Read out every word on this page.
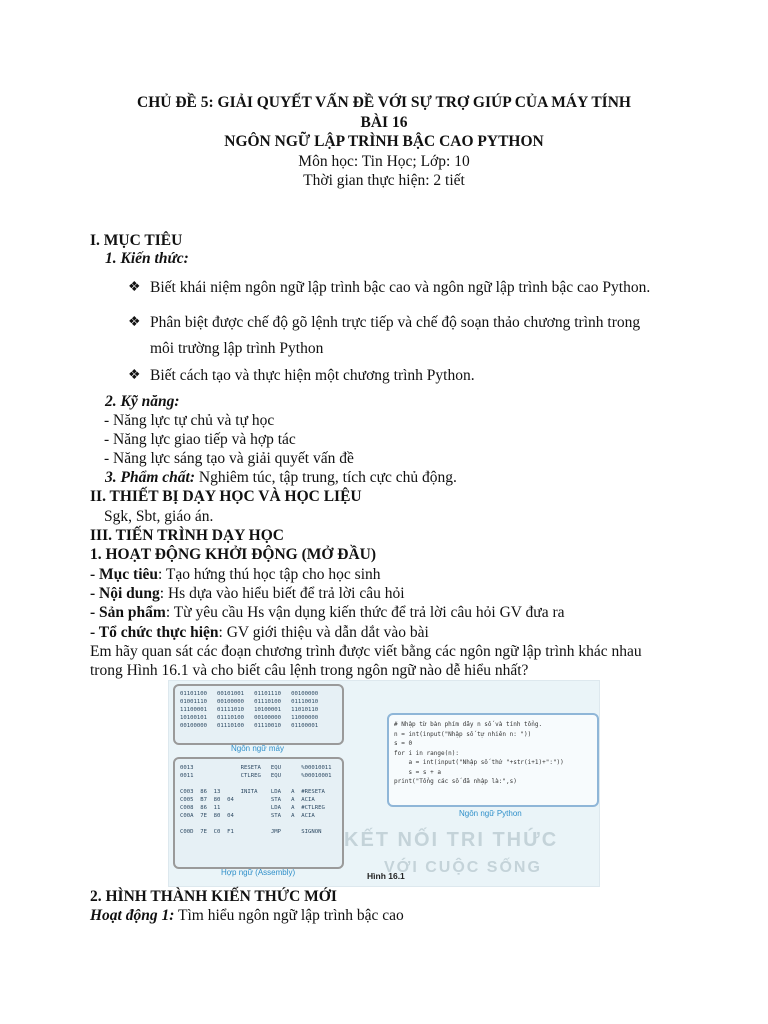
CHỦ ĐỀ 5: GIẢI QUYẾT VẤN ĐỀ VỚI SỰ TRỢ GIÚP CỦA MÁY TÍNH
BÀI 16
NGÔN NGỮ LẬP TRÌNH BẬC CAO PYTHON
Môn học: Tin Học; Lớp: 10
Thời gian thực hiện: 2 tiết
I. MỤC TIÊU
1. Kiến thức:
❖ Biết khái niệm ngôn ngữ lập trình bậc cao và ngôn ngữ lập trình bậc cao Python.
❖ Phân biệt được chế độ gõ lệnh trực tiếp và chế độ soạn thảo chương trình trong
môi trường lập trình Python
❖ Biết cách tạo và thực hiện một chương trình Python.
2. Kỹ năng:
- Năng lực tự chủ và tự học
- Năng lực giao tiếp và hợp tác
- Năng lực sáng tạo và giải quyết vấn đề
3. Phẩm chất: Nghiêm túc, tập trung, tích cực chủ động.
II. THIẾT BỊ DẠY HỌC VÀ HỌC LIỆU
Sgk, Sbt, giáo án.
III. TIẾN TRÌNH DẠY HỌC
1. HOẠT ĐỘNG KHỞI ĐỘNG (MỞ ĐẦU)
- Mục tiêu: Tạo hứng thú học tập cho học sinh
- Nội dung: Hs dựa vào hiểu biết để trả lời câu hỏi
- Sản phẩm: Từ yêu cầu Hs vận dụng kiến thức để trả lời câu hỏi GV đưa ra
- Tổ chức thực hiện: GV giới thiệu và dẫn dắt vào bài
Em hãy quan sát các đoạn chương trình được viết bằng các ngôn ngữ lập trình khác nhau
trong Hình 16.1 và cho biết câu lệnh trong ngôn ngữ nào dễ hiểu nhất?
KẾT NỐI TRI THỨC
VỚI CUỘC SỐNG
01101100   00101001   01101110   00100000
01001110   00100000   01110100   01110010
11100001   01111010   10100001   11010110
10100101   01110100   00100000   11000000
00100000   01110100   01110010   01100001
Ngôn ngữ máy
0013              RESETA   EQU      %00010011
0011              CTLREG   EQU      %00010001

C003  86  13      INITA    LDA   A  #RESETA
C005  B7  80  04           STA   A  ACIA
C008  86  11               LDA   A  #CTLREG
C00A  7E  80  04           STA   A  ACIA

C00D  7E  C0  F1           JMP      SIGNON
Hợp ngữ (Assembly)
# Nhập từ bàn phím dãy n số và tính tổng.
n = int(input("Nhập số tự nhiên n: "))
s = 0
for i in range(n):
a = int(input("Nhập số thứ "+str(i+1)+":"))
s = s + a
print("Tổng các số đã nhập là:",s)
Ngôn ngữ Python
Hình 16.1
2. HÌNH THÀNH KIẾN THỨC MỚI
Hoạt động 1: Tìm hiểu ngôn ngữ lập trình bậc cao
